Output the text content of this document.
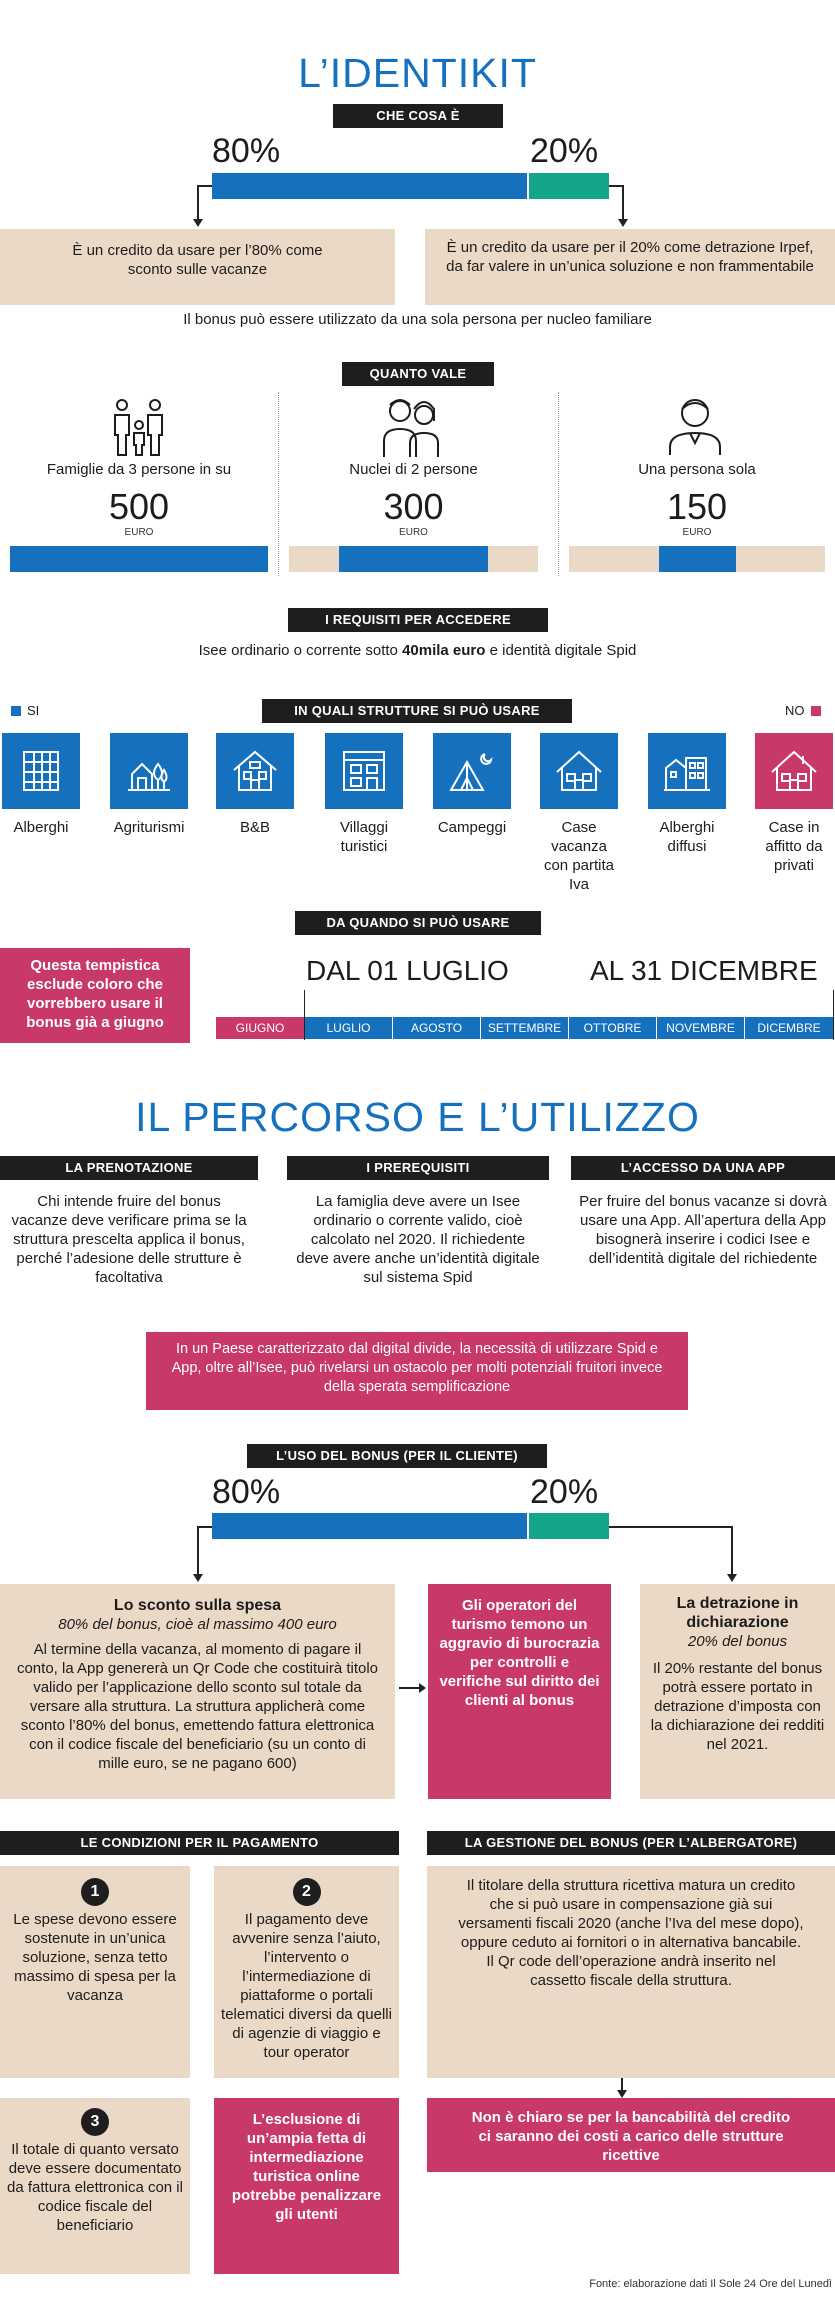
L’IDENTIKIT
CHE COSA È
80%	20%
È un credito da usare per l’80% come sconto sulle vacanze
È un credito da usare per il 20% come detrazione Irpef, da far valere in un’unica soluzione e non frammentabile
Il bonus può essere utilizzato da una sola persona per nucleo familiare
QUANTO VALE
Famiglie da 3 persone in su
500
EURO
Nuclei di 2 persone
300
EURO
Una persona sola
150
EURO
I REQUISITI PER ACCEDERE
Isee ordinario o corrente sotto 40mila euro e identità digitale Spid
SI	IN QUALI STRUTTURE SI PUÒ USARE	NO
Alberghi	Agriturismi	B&B	Villaggi turistici
Campeggi	Case vacanza con partita Iva
Alberghi diffusi
Case in affitto da privati
DA QUANDO SI PUÒ USARE
Questa tempistica esclude coloro che vorrebbero usare il bonus già a giugno
DAL 01 LUGLIO	AL 31 DICEMBRE
GIUGNO	LUGLIO	AGOSTO	SETTEMBRE	OTTOBRE	NOVEMBRE	DICEMBRE
IL PERCORSO E L’UTILIZZO
LA PRENOTAZIONE	I PREREQUISITI	L’ACCESSO DA UNA APP
Chi intende fruire del bonus vacanze deve verificare prima se la struttura prescelta applica il bonus, perché l’adesione delle strutture è facoltativa
La famiglia deve avere un Isee ordinario o corrente valido, cioè calcolato nel 2020. Il richiedente deve avere anche un’identità digitale sul sistema Spid
Per fruire del bonus vacanze si dovrà usare una App. All’apertura della App bisognerà inserire i codici Isee e dell’identità digitale del richiedente
In un Paese caratterizzato dal digital divide, la necessità di utilizzare Spid e App, oltre all’Isee, può rivelarsi un ostacolo per molti potenziali fruitori invece della sperata semplificazione
L’USO DEL BONUS (PER IL CLIENTE)
80%	20%
Lo sconto sulla spesa
80% del bonus, cioè al massimo 400 euro
Al termine della vacanza, al momento di pagare il conto, la App genererà un Qr Code che costituirà titolo valido per l’applicazione dello sconto sul totale da versare alla struttura. La struttura applicherà come sconto l’80% del bonus, emettendo fattura elettronica con il codice fiscale del beneficiario (su un conto di mille euro, se ne pagano 600)
Gli operatori del turismo temono un aggravio di burocrazia per controlli e verifiche sul diritto dei clienti al bonus
La detrazione in dichiarazione
20% del bonus
Il 20% restante del bonus potrà essere portato in detrazione d’imposta con la dichiarazione dei redditi nel 2021.
LE CONDIZIONI PER IL PAGAMENTO	LA GESTIONE DEL BONUS (PER L’ALBERGATORE)
1
Le spese devono essere sostenute in un’unica soluzione, senza tetto massimo di spesa per la vacanza
2
Il pagamento deve avvenire senza l’aiuto, l’intervento o l’intermediazione di piattaforme o portali telematici diversi da quelli di agenzie di viaggio e tour operator
Il titolare della struttura ricettiva matura un credito che si può usare in compensazione già sui versamenti fiscali 2020 (anche l’Iva del mese dopo), oppure ceduto ai fornitori o in alternativa bancabile. Il Qr code dell’operazione andrà inserito nel cassetto fiscale della struttura.
3
Il totale di quanto versato deve essere documentato da fattura elettronica con il codice fiscale del beneficiario
L’esclusione di un’ampia fetta di intermediazione turistica online potrebbe penalizzare gli utenti
Non è chiaro se per la bancabilità del credito ci saranno dei costi a carico delle strutture ricettive
Fonte: elaborazione dati Il Sole 24 Ore del Lunedì
